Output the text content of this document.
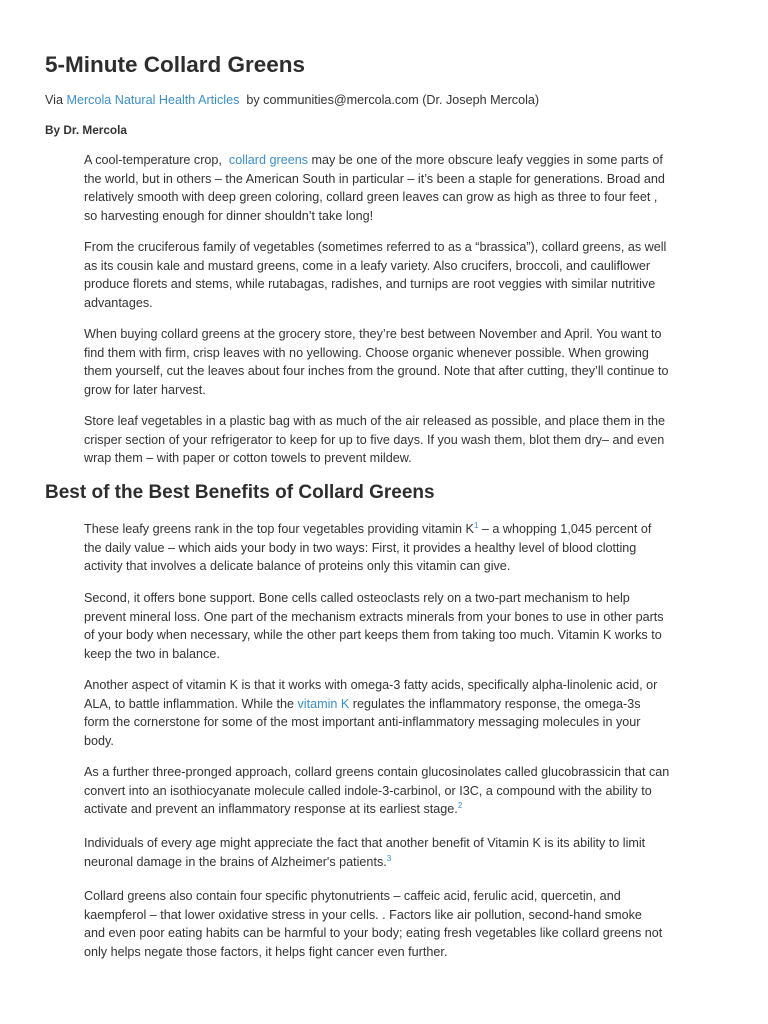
5-Minute Collard Greens
Via Mercola Natural Health Articles by communities@mercola.com (Dr. Joseph Mercola)
By Dr. Mercola

A cool-temperature crop, collard greens may be one of the more obscure leafy veggies in some parts of
the world, but in others – the American South in particular – it’s been a staple for generations. Broad and
relatively smooth with deep green coloring, collard green leaves can grow as high as three to four feet ,
so harvesting enough for dinner shouldn’t take long!

From the cruciferous family of vegetables (sometimes referred to as a “brassica”), collard greens, as well
as its cousin kale and mustard greens, come in a leafy variety. Also crucifers, broccoli, and cauliflower
produce florets and stems, while rutabagas, radishes, and turnips are root veggies with similar nutritive
advantages.

When buying collard greens at the grocery store, they’re best between November and April. You want to
find them with firm, crisp leaves with no yellowing. Choose organic whenever possible. When growing
them yourself, cut the leaves about four inches from the ground. Note that after cutting, they’ll continue to
grow for later harvest.

Store leaf vegetables in a plastic bag with as much of the air released as possible, and place them in the
crisper section of your refrigerator to keep for up to five days. If you wash them, blot them dry– and even
wrap them – with paper or cotton towels to prevent mildew.

Best of the Best Benefits of Collard Greens

These leafy greens rank in the top four vegetables providing vitamin $K^1$ – a whopping 1,045 percent of
the daily value – which aids your body in two ways: First, it provides a healthy level of blood clotting
activity that involves a delicate balance of proteins only this vitamin can give.

Second, it offers bone support. Bone cells called osteoclasts rely on a two-part mechanism to help
prevent mineral loss. One part of the mechanism extracts minerals from your bones to use in other parts
of your body when necessary, while the other part keeps them from taking too much. Vitamin K works to
keep the two in balance.

Another aspect of vitamin K is that it works with omega-3 fatty acids, specifically alpha-linolenic acid, or
ALA, to battle inflammation. While the vitamin K regulates the inflammatory response, the omega-3s
form the cornerstone for some of the most important anti-inflammatory messaging molecules in your
body.

As a further three-pronged approach, collard greens contain glucosinolates called glucobrassicin that can
convert into an isothiocyanate molecule called indole-3-carbinol, or I3C, a compound with the ability to
activate and prevent an inflammatory response at its earliest stage.$^2$

Individuals of every age might appreciate the fact that another benefit of Vitamin K is its ability to limit
neuronal damage in the brains of Alzheimer's patients.$^3$

Collard greens also contain four specific phytonutrients – caffeic acid, ferulic acid, quercetin, and
kaempferol – that lower oxidative stress in your cells. . Factors like air pollution, second-hand smoke
and even poor eating habits can be harmful to your body; eating fresh vegetables like collard greens not
only helps negate those factors, it helps fight cancer even further.
